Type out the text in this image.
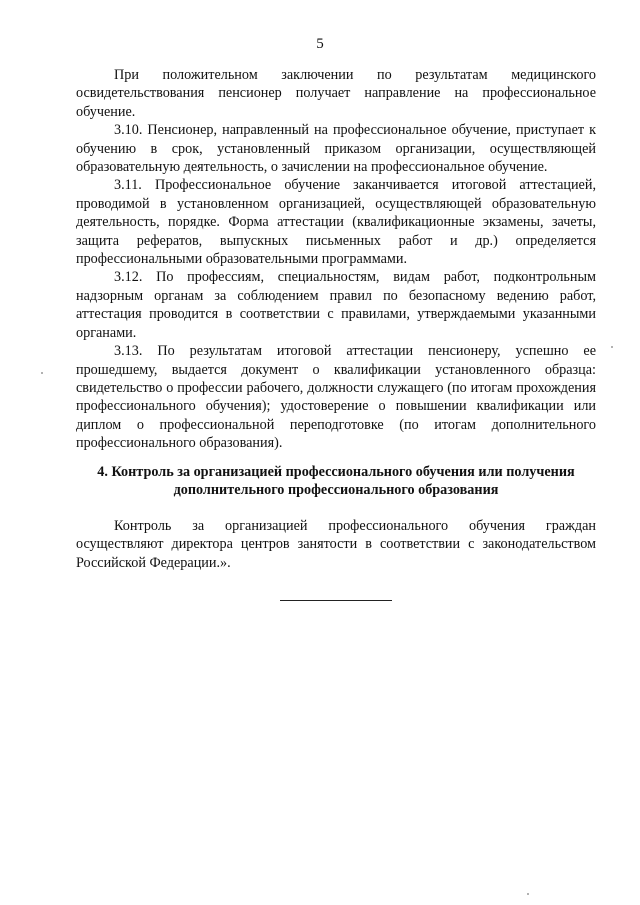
5

При положительном заключении по результатам медицинского освидетельствования пенсионер получает направление на профессиональное обучение.

3.10. Пенсионер, направленный на профессиональное обучение, приступает к обучению в срок, установленный приказом организации, осуществляющей образовательную деятельность, о зачислении на профессиональное обучение.

3.11. Профессиональное обучение заканчивается итоговой аттестацией, проводимой в установленном организацией, осуществляющей образовательную деятельность, порядке. Форма аттестации (квалификационные экзамены, зачеты, защита рефератов, выпускных письменных работ и др.) определяется профессиональными образовательными программами.

3.12. По профессиям, специальностям, видам работ, подконтрольным надзорным органам за соблюдением правил по безопасному ведению работ, аттестация проводится в соответствии с правилами, утверждаемыми указанными органами.

3.13. По результатам итоговой аттестации пенсионеру, успешно ее прошедшему, выдается документ о квалификации установленного образца: свидетельство о профессии рабочего, должности служащего (по итогам прохождения профессионального обучения); удостоверение о повышении квалификации или диплом о профессиональной переподготовке (по итогам дополнительного профессионального образования).

4. Контроль за организацией профессионального обучения или получения
дополнительного профессионального образования

Контроль за организацией профессионального обучения граждан осуществляют директора центров занятости в соответствии с законодательством Российской Федерации.».
